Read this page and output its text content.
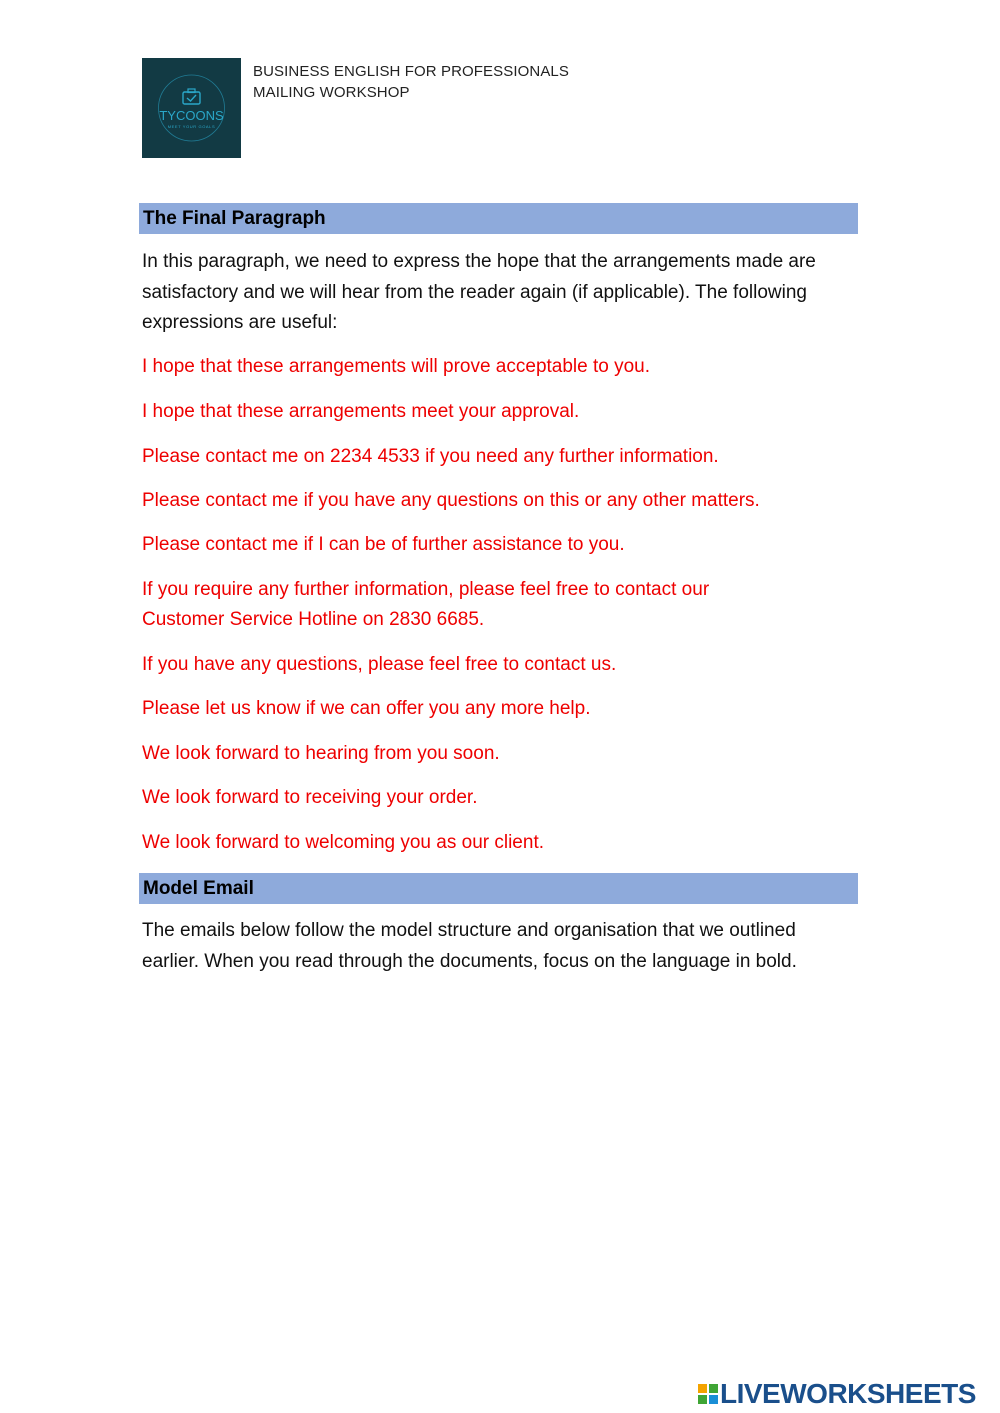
TYCOONS
MEET YOUR GOALS
BUSINESS ENGLISH FOR PROFESSIONALS
MAILING WORKSHOP
The Final Paragraph
In this paragraph, we need to express the hope that the arrangements made are satisfactory and we will hear from the reader again (if applicable). The following expressions are useful:
I hope that these arrangements will prove acceptable to you.
I hope that these arrangements meet your approval.
Please contact me on 2234 4533 if you need any further information.
Please contact me if you have any questions on this or any other matters.
Please contact me if I can be of further assistance to you.
If you require any further information, please feel free to contact our
Customer Service Hotline on 2830 6685.
If you have any questions, please feel free to contact us.
Please let us know if we can offer you any more help.
We look forward to hearing from you soon.
We look forward to receiving your order.
We look forward to welcoming you as our client.
Model Email
The emails below follow the model structure and organisation that we outlined earlier. When you read through the documents, focus on the language in bold.
LIVEWORKSHEETS
